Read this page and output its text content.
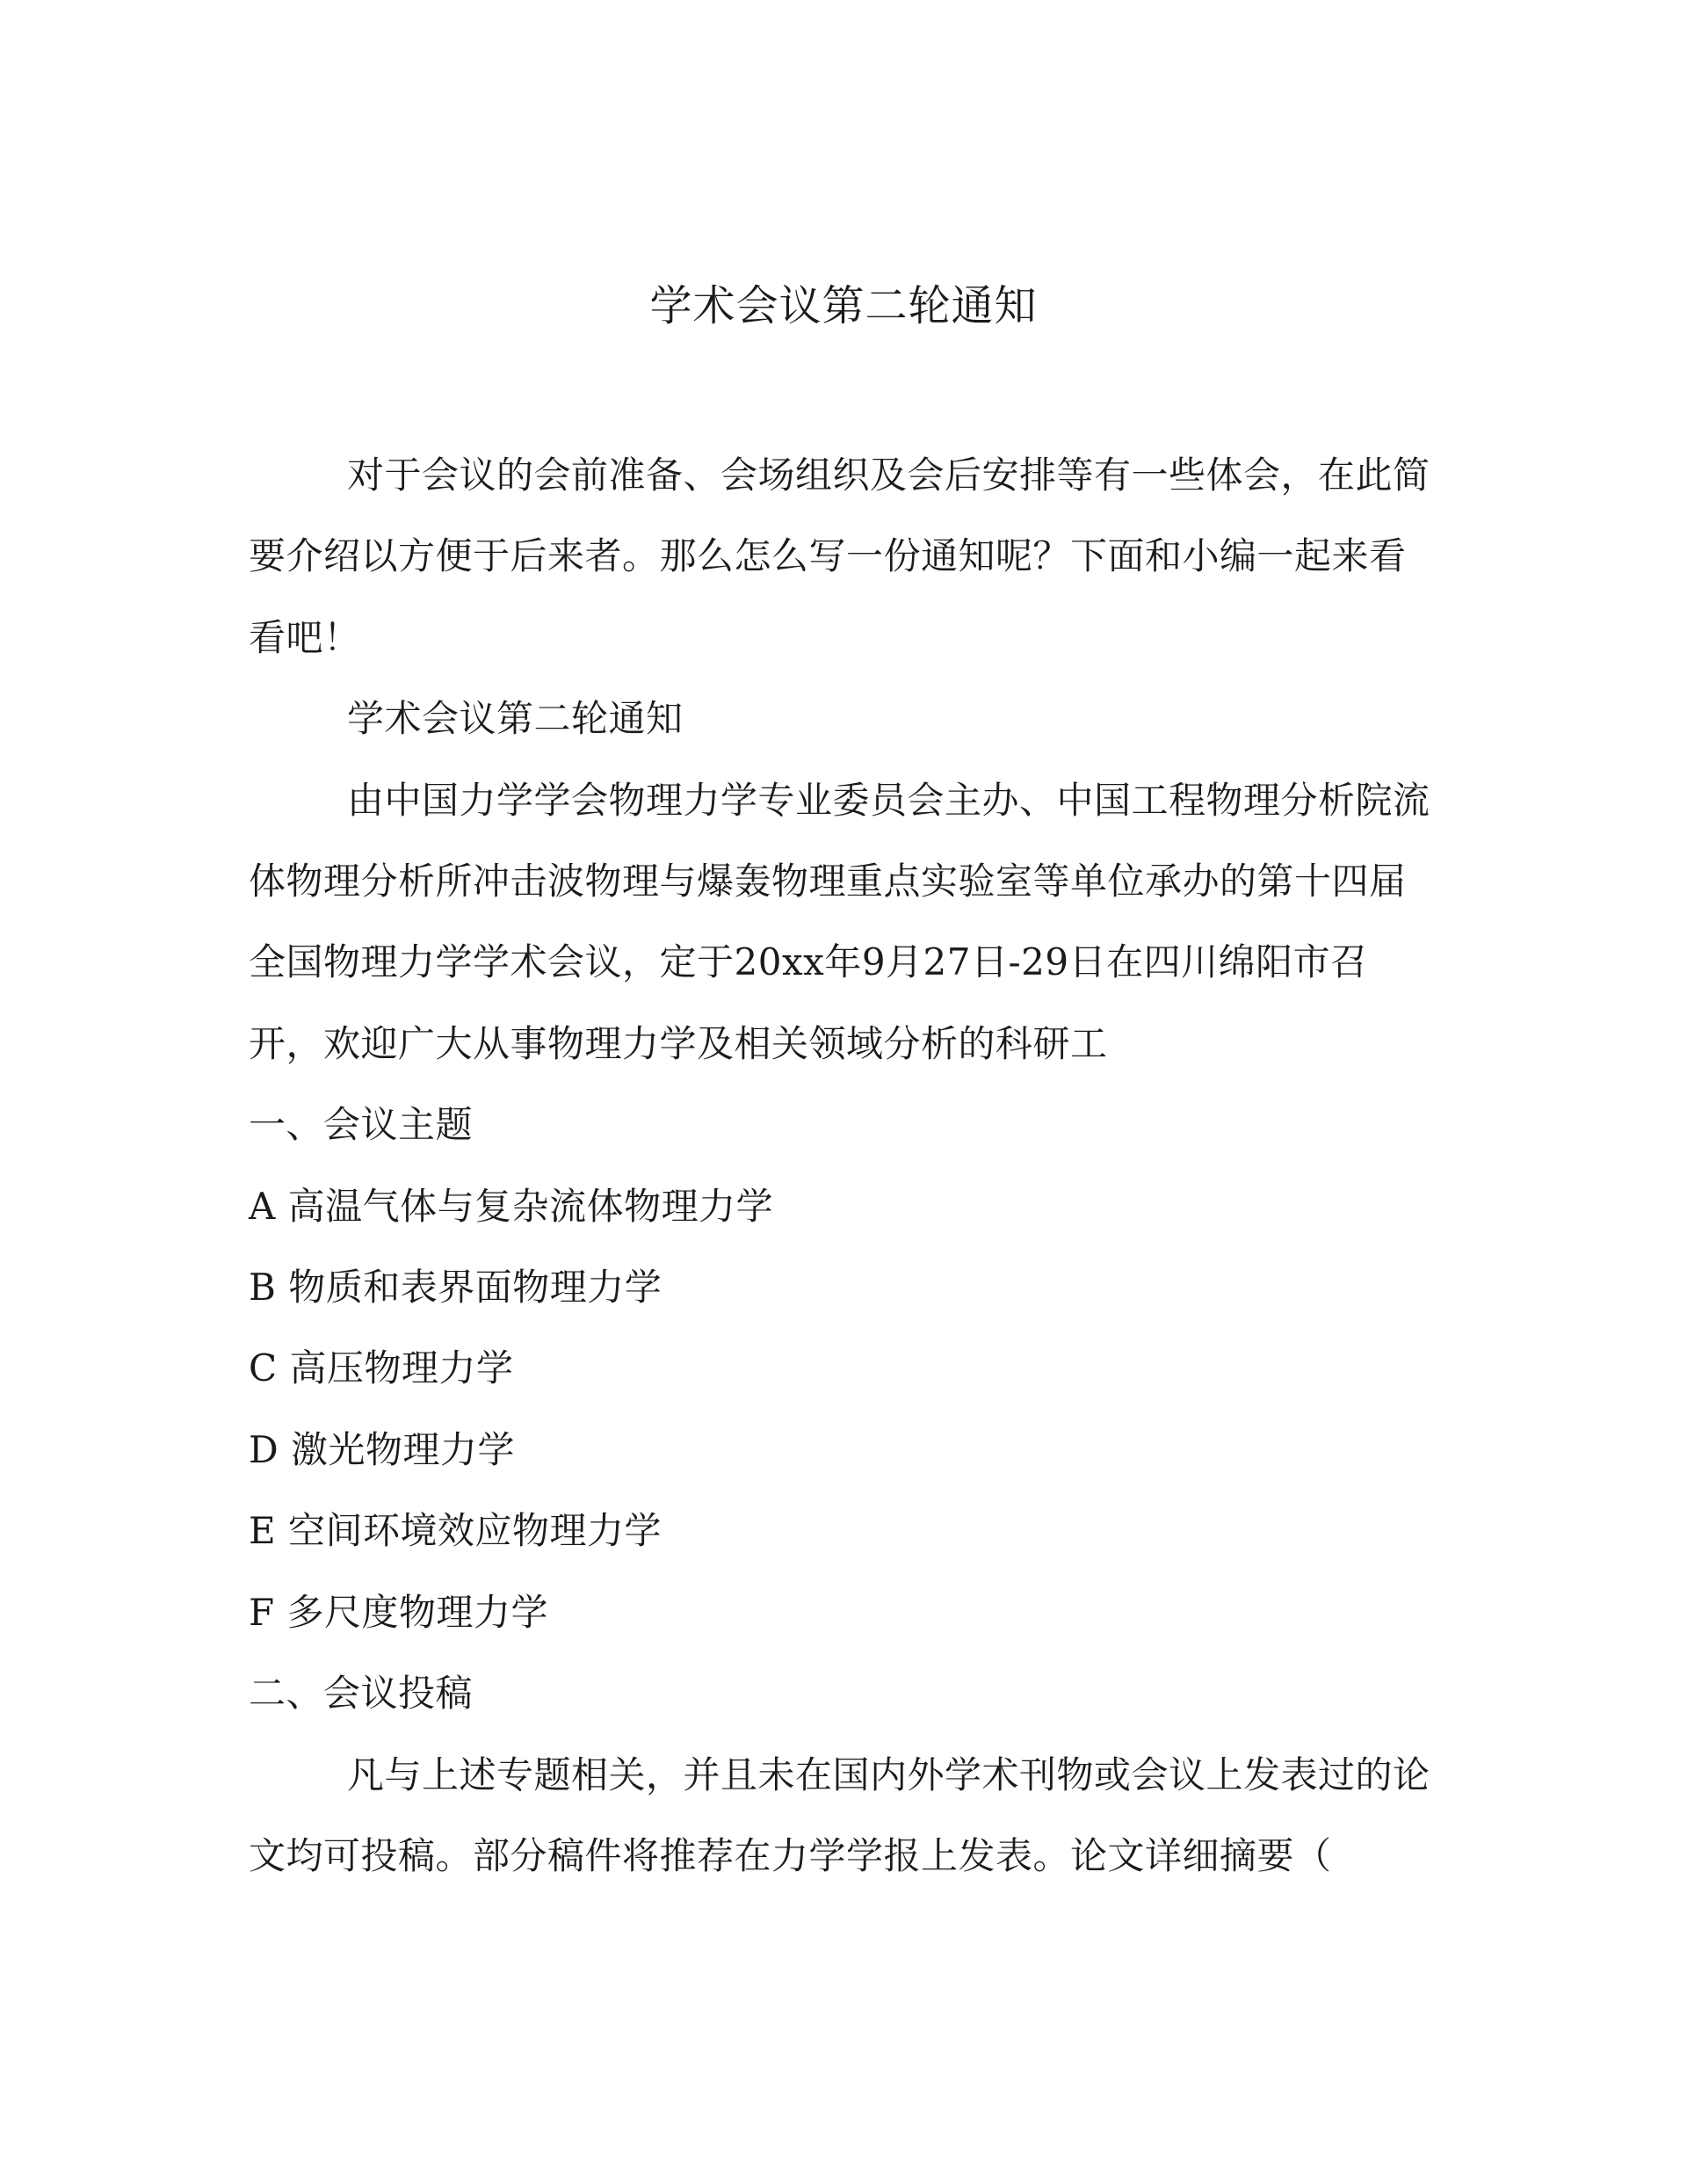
学术会议第二轮通知

对于会议的会前准备、会场组织及会后安排等有一些体会，在此简要介绍以方便于后来者。那么怎么写一份通知呢？下面和小编一起来看看吧！

学术会议第二轮通知

由中国力学学会物理力学专业委员会主办、中国工程物理分析院流体物理分析所冲击波物理与爆轰物理重点实验室等单位承办的第十四届全国物理力学学术会议，定于20xx年9月27日-29日在四川绵阳市召开，欢迎广大从事物理力学及相关领域分析的科研工

一、会议主题

A 高温气体与复杂流体物理力学

B 物质和表界面物理力学

C 高压物理力学

D 激光物理力学

E 空间环境效应物理力学

F 多尺度物理力学

二、会议投稿

凡与上述专题相关，并且未在国内外学术刊物或会议上发表过的论文均可投稿。部分稿件将推荐在力学学报上发表。论文详细摘要（
